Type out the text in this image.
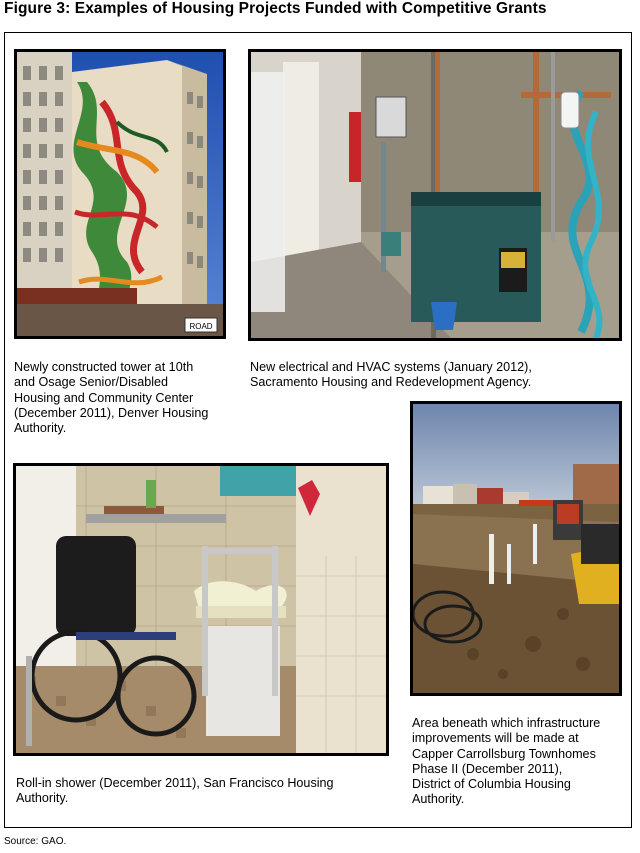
Figure 3: Examples of Housing Projects Funded with Competitive Grants
ROAD
Newly constructed tower at 10th
and Osage Senior/Disabled
Housing and Community Center
(December 2011), Denver Housing
Authority.
New electrical and HVAC systems (January 2012),
Sacramento Housing and Redevelopment Agency.
Roll-in shower (December 2011), San Francisco Housing
Authority.
Area beneath which infrastructure
improvements will be made at
Capper Carrollsburg Townhomes
Phase II (December 2011),
District of Columbia Housing
Authority.
Source: GAO.
